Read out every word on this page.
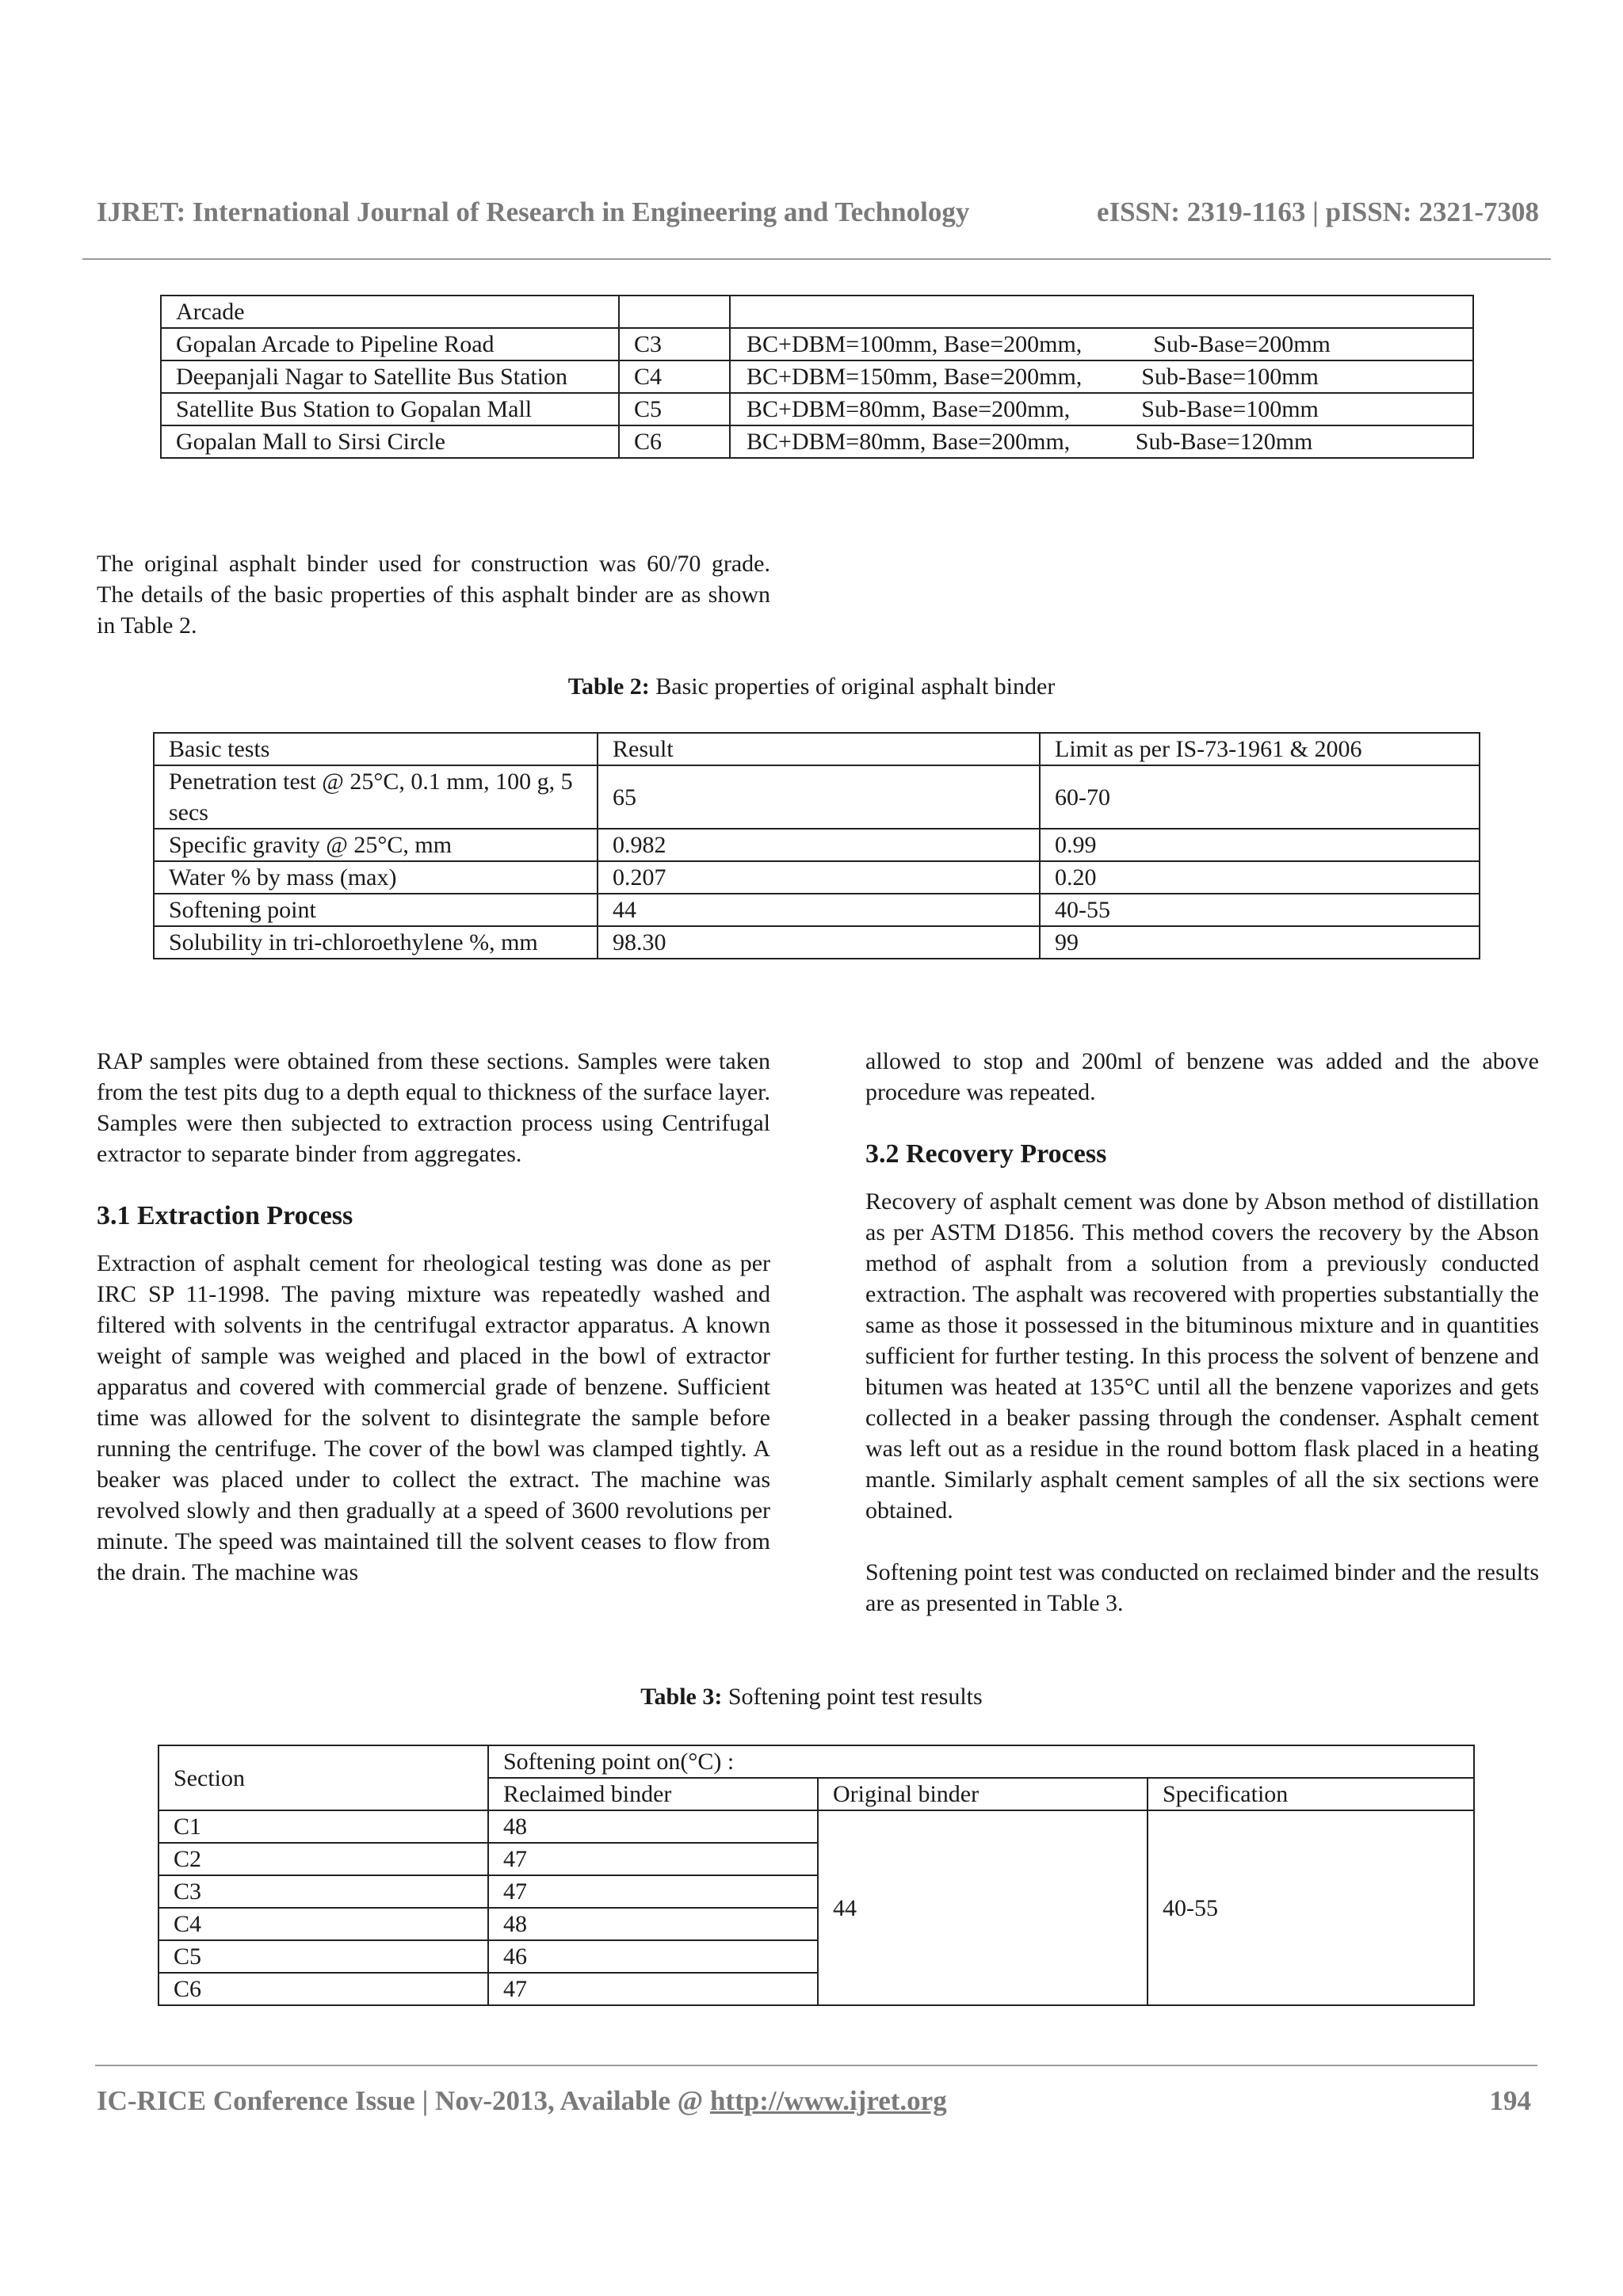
IJRET: International Journal of Research in Engineering and Technology	eISSN: 2319-1163 | pISSN: 2321-7308
Arcade		
Gopalan Arcade to Pipeline Road	C3	BC+DBM=100mm, Base=200mm,            Sub-Base=200mm
Deepanjali Nagar to Satellite Bus Station	C4	BC+DBM=150mm, Base=200mm,          Sub-Base=100mm
Satellite Bus Station to Gopalan Mall	C5	BC+DBM=80mm, Base=200mm,            Sub-Base=100mm
Gopalan Mall to Sirsi Circle	C6	BC+DBM=80mm, Base=200mm,           Sub-Base=120mm

The original asphalt binder used for construction was 60/70 grade. The details of the basic properties of this asphalt binder are as shown in Table 2.

Table 2: Basic properties of original asphalt binder
Basic tests	Result	Limit as per IS-73-1961 & 2006
Penetration test @ 25°C, 0.1 mm, 100 g, 5 secs	65	60-70
Specific gravity @ 25°C, mm	0.982	0.99
Water % by mass (max)	0.207	0.20
Softening point	44	40-55
Solubility in tri-chloroethylene %, mm	98.30	99

RAP samples were obtained from these sections. Samples were taken from the test pits dug to a depth equal to thickness of the surface layer. Samples were then subjected to extraction process using Centrifugal extractor to separate binder from aggregates.

3.1 Extraction Process

Extraction of asphalt cement for rheological testing was done as per IRC SP 11-1998. The paving mixture was repeatedly washed and filtered with solvents in the centrifugal extractor apparatus. A known weight of sample was weighed and placed in the bowl of extractor apparatus and covered with commercial grade of benzene. Sufficient time was allowed for the solvent to disintegrate the sample before running the centrifuge. The cover of the bowl was clamped tightly. A beaker was placed under to collect the extract. The machine was revolved slowly and then gradually at a speed of 3600 revolutions per minute. The speed was maintained till the solvent ceases to flow from the drain. The machine was

allowed to stop and 200ml of benzene was added and the above procedure was repeated.

3.2 Recovery Process

Recovery of asphalt cement was done by Abson method of distillation as per ASTM D1856. This method covers the recovery by the Abson method of asphalt from a solution from a previously conducted extraction. The asphalt was recovered with properties substantially the same as those it possessed in the bituminous mixture and in quantities sufficient for further testing. In this process the solvent of benzene and bitumen was heated at 135°C until all the benzene vaporizes and gets collected in a beaker passing through the condenser. Asphalt cement was left out as a residue in the round bottom flask placed in a heating mantle. Similarly asphalt cement samples of all the six sections were obtained.

Softening point test was conducted on reclaimed binder and the results are as presented in Table 3.

Table 3: Softening point test results
Section	Softening point on(°C) :		
	Reclaimed binder	Original binder	Specification
C1	48	44	40-55
C2	47		
C3	47		
C4	48		
C5	46		
C6	47		
IC-RICE Conference Issue | Nov-2013, Available @ http://www.ijret.org	194
